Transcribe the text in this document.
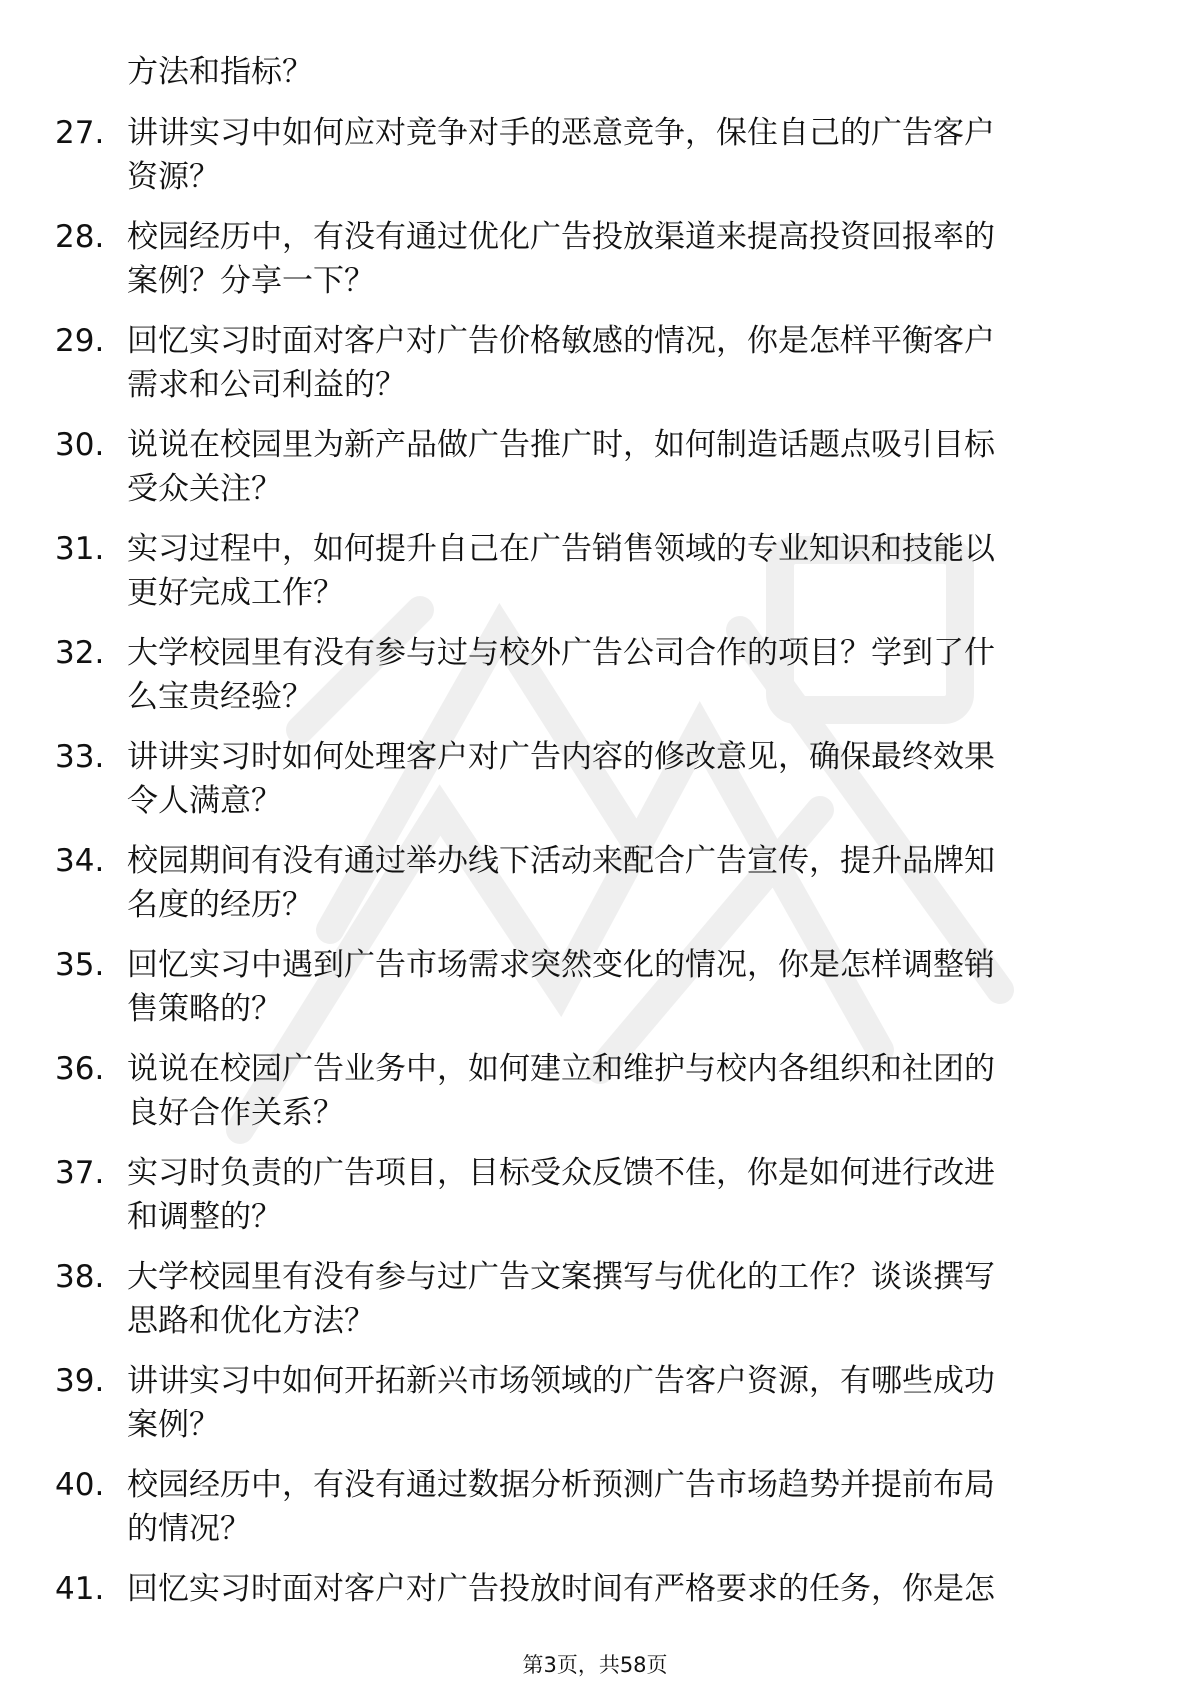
方法和指标？
27. 讲讲实习中如何应对竞争对手的恶意竞争，保住自己的广告客户
资源？
28. 校园经历中，有没有通过优化广告投放渠道来提高投资回报率的
案例？分享一下？
29. 回忆实习时面对客户对广告价格敏感的情况，你是怎样平衡客户
需求和公司利益的？
30. 说说在校园里为新产品做广告推广时，如何制造话题点吸引目标
受众关注？
31. 实习过程中，如何提升自己在广告销售领域的专业知识和技能以
更好完成工作？
32. 大学校园里有没有参与过与校外广告公司合作的项目？学到了什
么宝贵经验？
33. 讲讲实习时如何处理客户对广告内容的修改意见，确保最终效果
令人满意？
34. 校园期间有没有通过举办线下活动来配合广告宣传，提升品牌知
名度的经历？
35. 回忆实习中遇到广告市场需求突然变化的情况，你是怎样调整销
售策略的？
36. 说说在校园广告业务中，如何建立和维护与校内各组织和社团的
良好合作关系？
37. 实习时负责的广告项目，目标受众反馈不佳，你是如何进行改进
和调整的？
38. 大学校园里有没有参与过广告文案撰写与优化的工作？谈谈撰写
思路和优化方法？
39. 讲讲实习中如何开拓新兴市场领域的广告客户资源，有哪些成功
案例？
40. 校园经历中，有没有通过数据分析预测广告市场趋势并提前布局
的情况？
41. 回忆实习时面对客户对广告投放时间有严格要求的任务，你是怎
第3页，共58页
